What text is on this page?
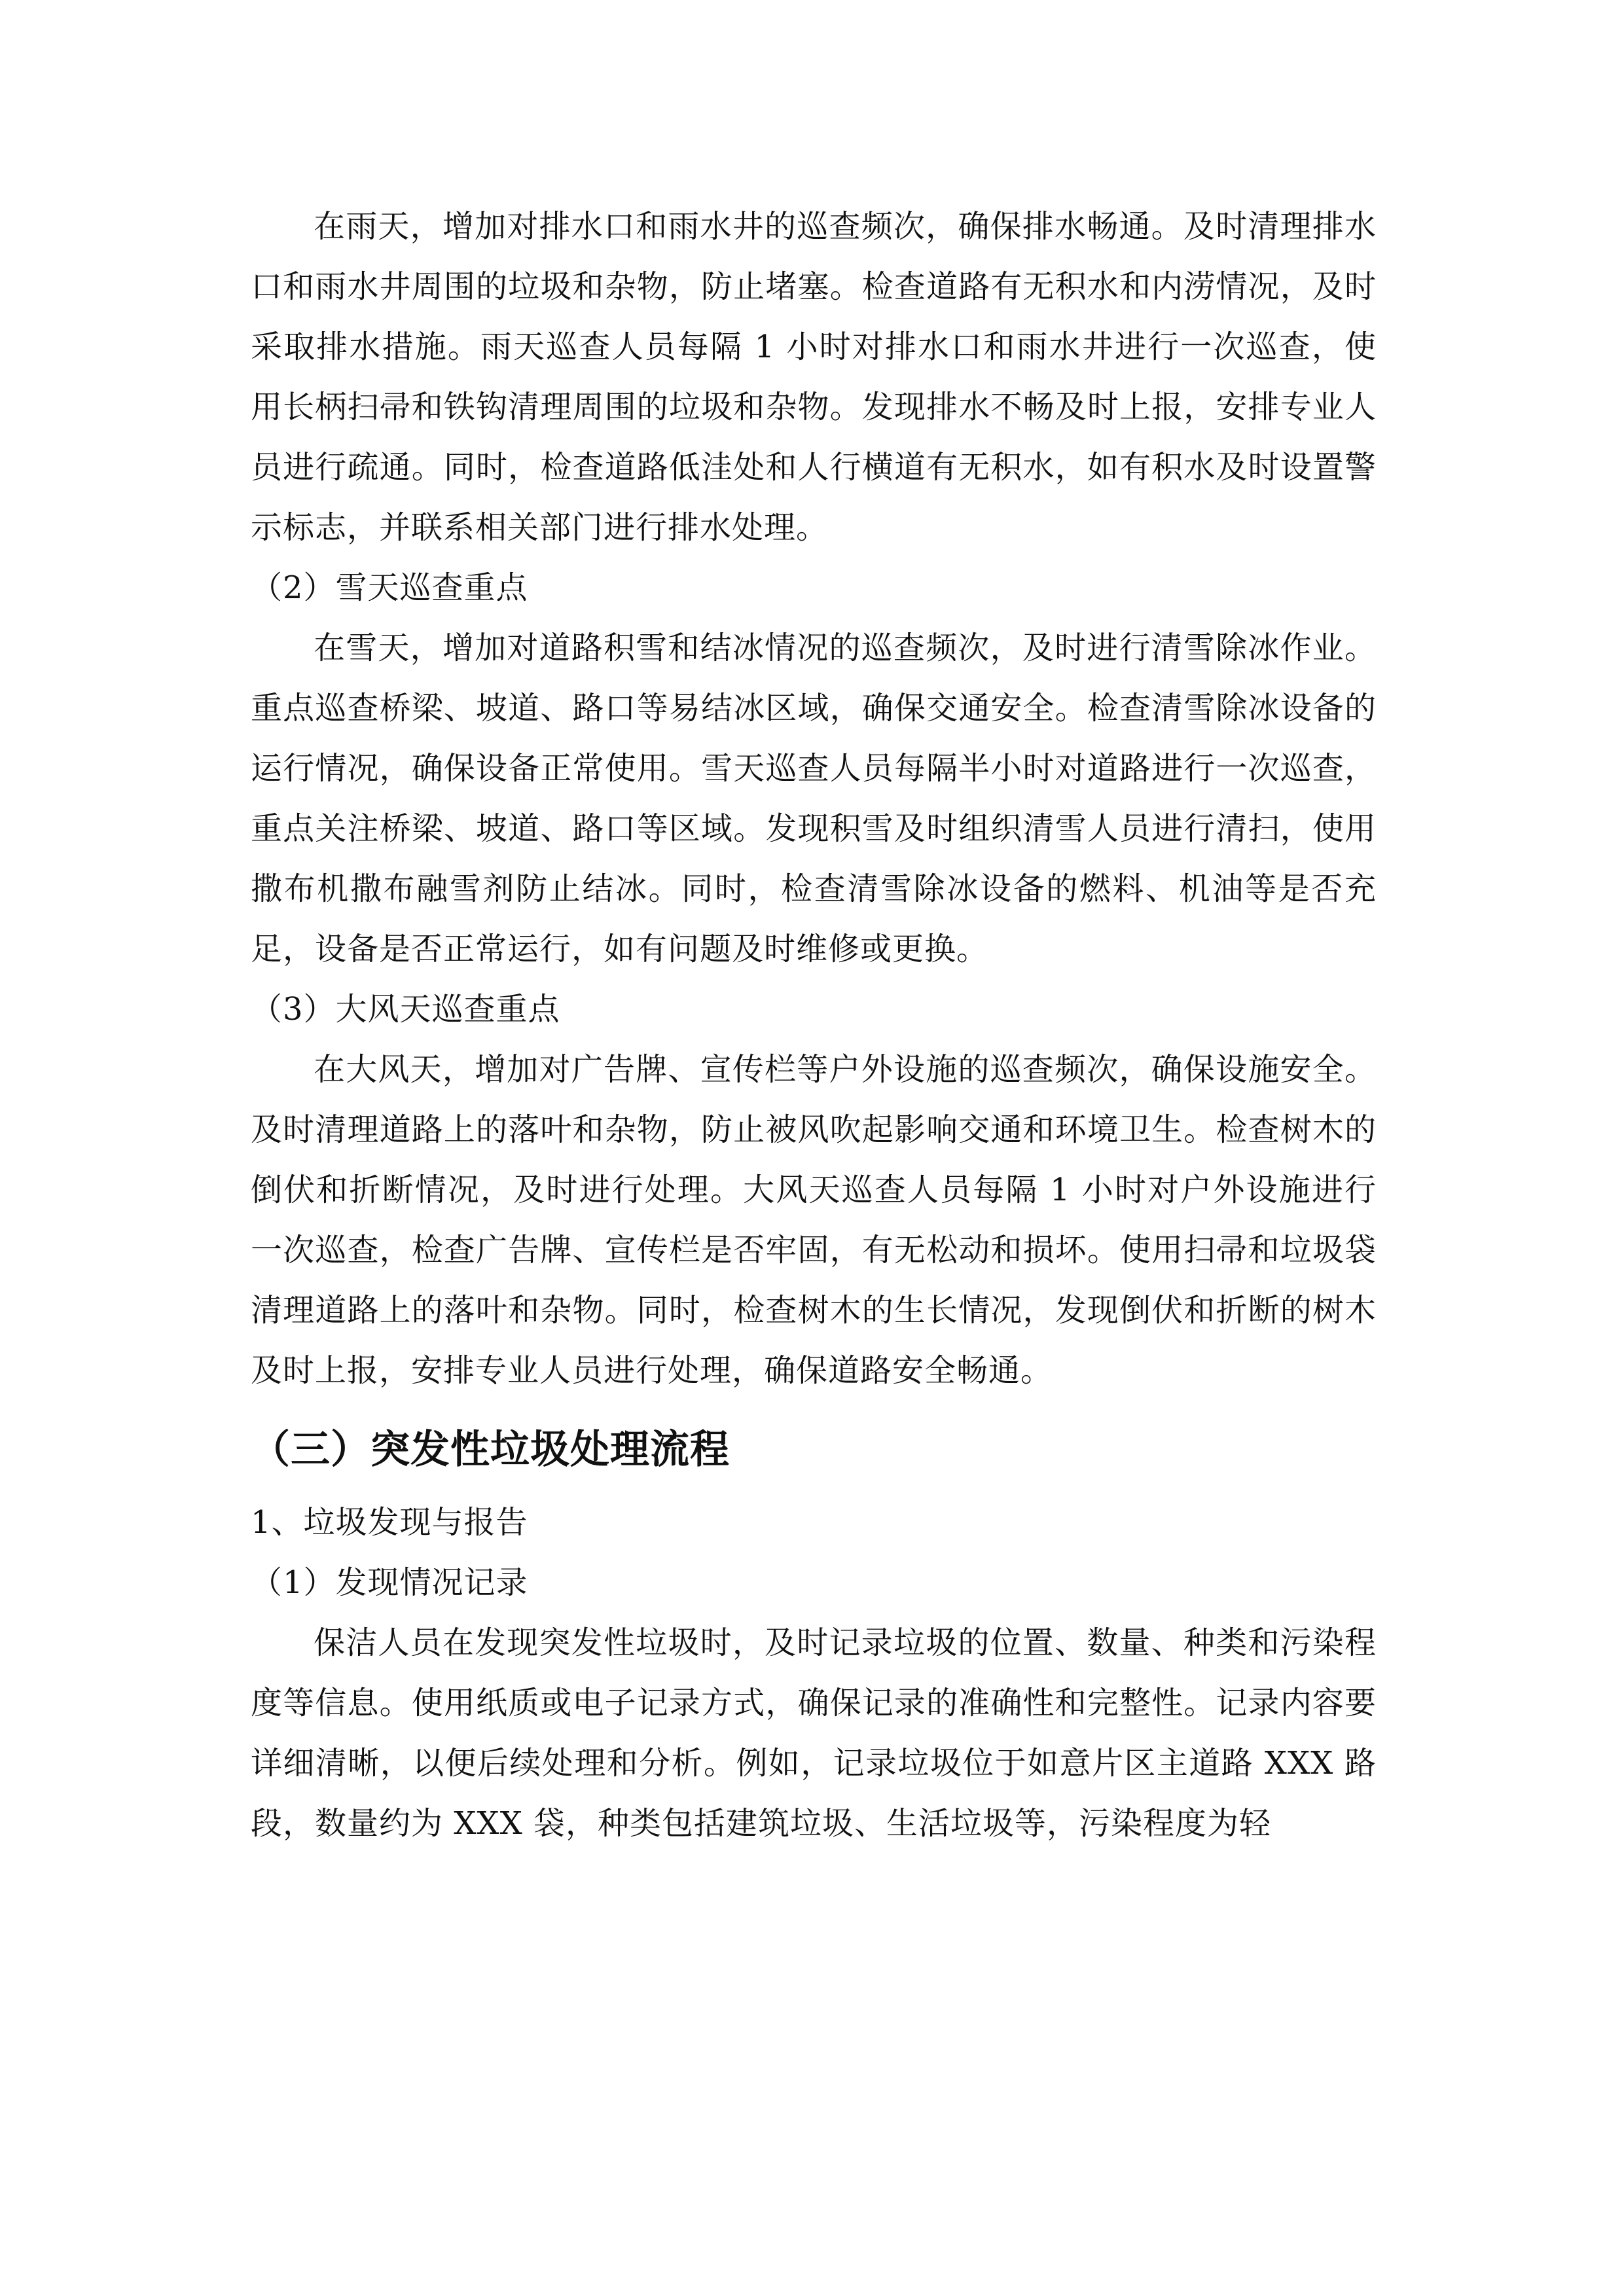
在雨天，增加对排水口和雨水井的巡查频次，确保排水畅通。及时清理排水口和雨水井周围的垃圾和杂物，防止堵塞。检查道路有无积水和内涝情况，及时采取排水措施。雨天巡查人员每隔 1 小时对排水口和雨水井进行一次巡查，使用长柄扫帚和铁钩清理周围的垃圾和杂物。发现排水不畅及时上报，安排专业人员进行疏通。同时，检查道路低洼处和人行横道有无积水，如有积水及时设置警示标志，并联系相关部门进行排水处理。

（2）雪天巡查重点

在雪天，增加对道路积雪和结冰情况的巡查频次，及时进行清雪除冰作业。重点巡查桥梁、坡道、路口等易结冰区域，确保交通安全。检查清雪除冰设备的运行情况，确保设备正常使用。雪天巡查人员每隔半小时对道路进行一次巡查，重点关注桥梁、坡道、路口等区域。发现积雪及时组织清雪人员进行清扫，使用撒布机撒布融雪剂防止结冰。同时，检查清雪除冰设备的燃料、机油等是否充足，设备是否正常运行，如有问题及时维修或更换。

（3）大风天巡查重点

在大风天，增加对广告牌、宣传栏等户外设施的巡查频次，确保设施安全。及时清理道路上的落叶和杂物，防止被风吹起影响交通和环境卫生。检查树木的倒伏和折断情况，及时进行处理。大风天巡查人员每隔 1 小时对户外设施进行一次巡查，检查广告牌、宣传栏是否牢固，有无松动和损坏。使用扫帚和垃圾袋清理道路上的落叶和杂物。同时，检查树木的生长情况，发现倒伏和折断的树木及时上报，安排专业人员进行处理，确保道路安全畅通。

（三）突发性垃圾处理流程

1、垃圾发现与报告

（1）发现情况记录

保洁人员在发现突发性垃圾时，及时记录垃圾的位置、数量、种类和污染程度等信息。使用纸质或电子记录方式，确保记录的准确性和完整性。记录内容要详细清晰，以便后续处理和分析。例如，记录垃圾位于如意片区主道路 XXX 路段，数量约为 XXX 袋，种类包括建筑垃圾、生活垃圾等，污染程度为轻
